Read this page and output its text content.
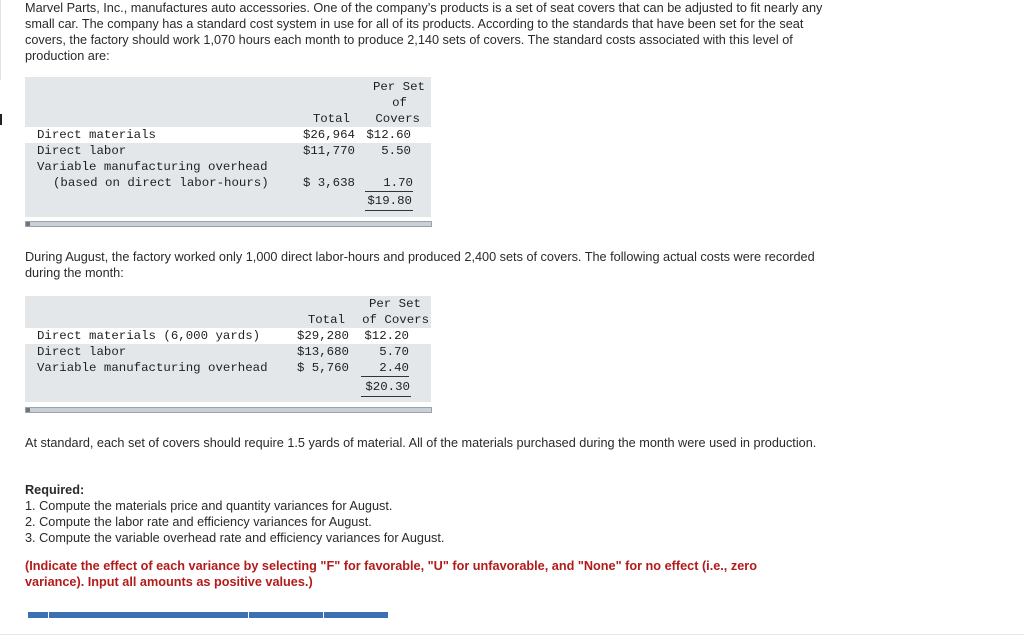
Marvel Parts, Inc., manufactures auto accessories. One of the company’s products is a set of seat covers that can be adjusted to fit nearly any small car. The company has a standard cost system in use for all of its products. According to the standards that have been set for the seat covers, the factory should work 1,070 hours each month to produce 2,140 sets of covers. The standard costs associated with this level of production are:

Per Set
of
Total	Covers
Direct materials	$26,964 $12.60
Direct labor	$11,770	5.50
Variable manufacturing overhead
(based on direct labor-hours)	$ 3,638	1.70
$19.80

During August, the factory worked only 1,000 direct labor-hours and produced 2,400 sets of covers. The following actual costs were recorded during the month:

Per Set
Total	of Covers
Direct materials (6,000 yards)	$29,280	$12.20
Direct labor	$13,680	5.70
Variable manufacturing overhead	$ 5,760	2.40
$20.30

At standard, each set of covers should require 1.5 yards of material. All of the materials purchased during the month were used in production.

Required:
1. Compute the materials price and quantity variances for August.
2. Compute the labor rate and efficiency variances for August.
3. Compute the variable overhead rate and efficiency variances for August.

(Indicate the effect of each variance by selecting "F" for favorable, "U" for unfavorable, and "None" for no effect (i.e., zero variance). Input all amounts as positive values.)
